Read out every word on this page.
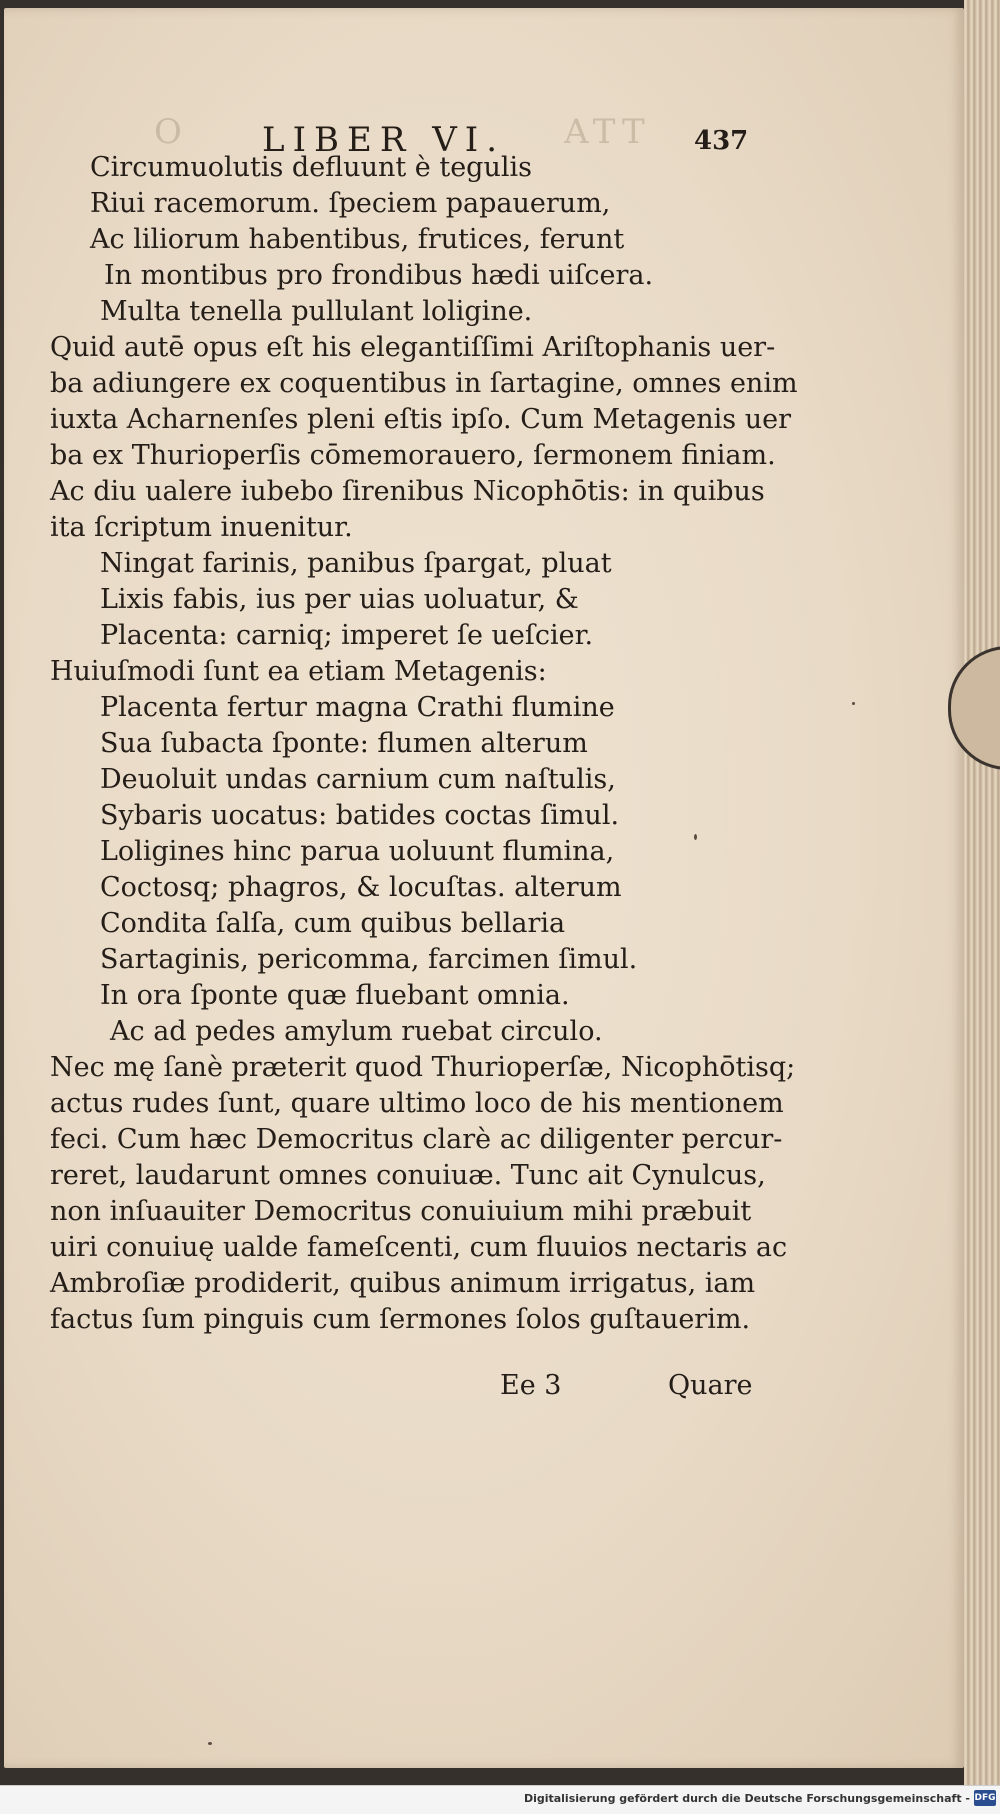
O	ATT
LIBER VI.	437
Circumuolutis defluunt è tegulis
Riui racemorum. ſpeciem papauerum,
Ac liliorum habentibus, frutices, ferunt
In montibus pro frondibus hædi uiſcera.
Multa tenella pullulant loligine.
Quid autē opus eſt his elegantiſſimi Ariſtophanis uer-
ba adiungere ex coquentibus in ſartagine, omnes enim
iuxta Acharnenſes pleni eſtis ipſo. Cum Metagenis uer
ba ex Thurioperſis cōmemorauero, ſermonem finiam.
Ac diu ualere iubebo ſirenibus Nicophōtis: in quibus
ita ſcriptum inuenitur.
Ningat farinis, panibus ſpargat, pluat
Lixis fabis, ius per uias uoluatur, &
Placenta: carniq; imperet ſe ueſcier.
Huiuſmodi ſunt ea etiam Metagenis:
Placenta fertur magna Crathi flumine
Sua ſubacta ſponte: flumen alterum
Deuoluit undas carnium cum naſtulis,
Sybaris uocatus: batides coctas ſimul.
Loligines hinc parua uoluunt flumina,
Coctosq; phagros, & locuſtas. alterum
Condita ſalſa, cum quibus bellaria
Sartaginis, pericomma, farcimen ſimul.
In ora ſponte quæ fluebant omnia.
Ac ad pedes amylum ruebat circulo.
Nec mę ſanè præterit quod Thurioperſæ, Nicophōtisq;
actus rudes ſunt, quare ultimo loco de his mentionem
feci. Cum hæc Democritus clarè ac diligenter percur-
reret, laudarunt omnes conuiuæ. Tunc ait Cynulcus,
non inſuauiter Democritus conuiuium mihi præbuit
uiri conuiuę ualde fameſcenti, cum fluuios nectaris ac
Ambroſiæ prodiderit, quibus animum irrigatus, iam
factus ſum pinguis cum ſermones ſolos guſtauerim.
Ee 3	Quare
Digitalisierung gefördert durch die Deutsche Forschungsgemeinschaft - DFG
